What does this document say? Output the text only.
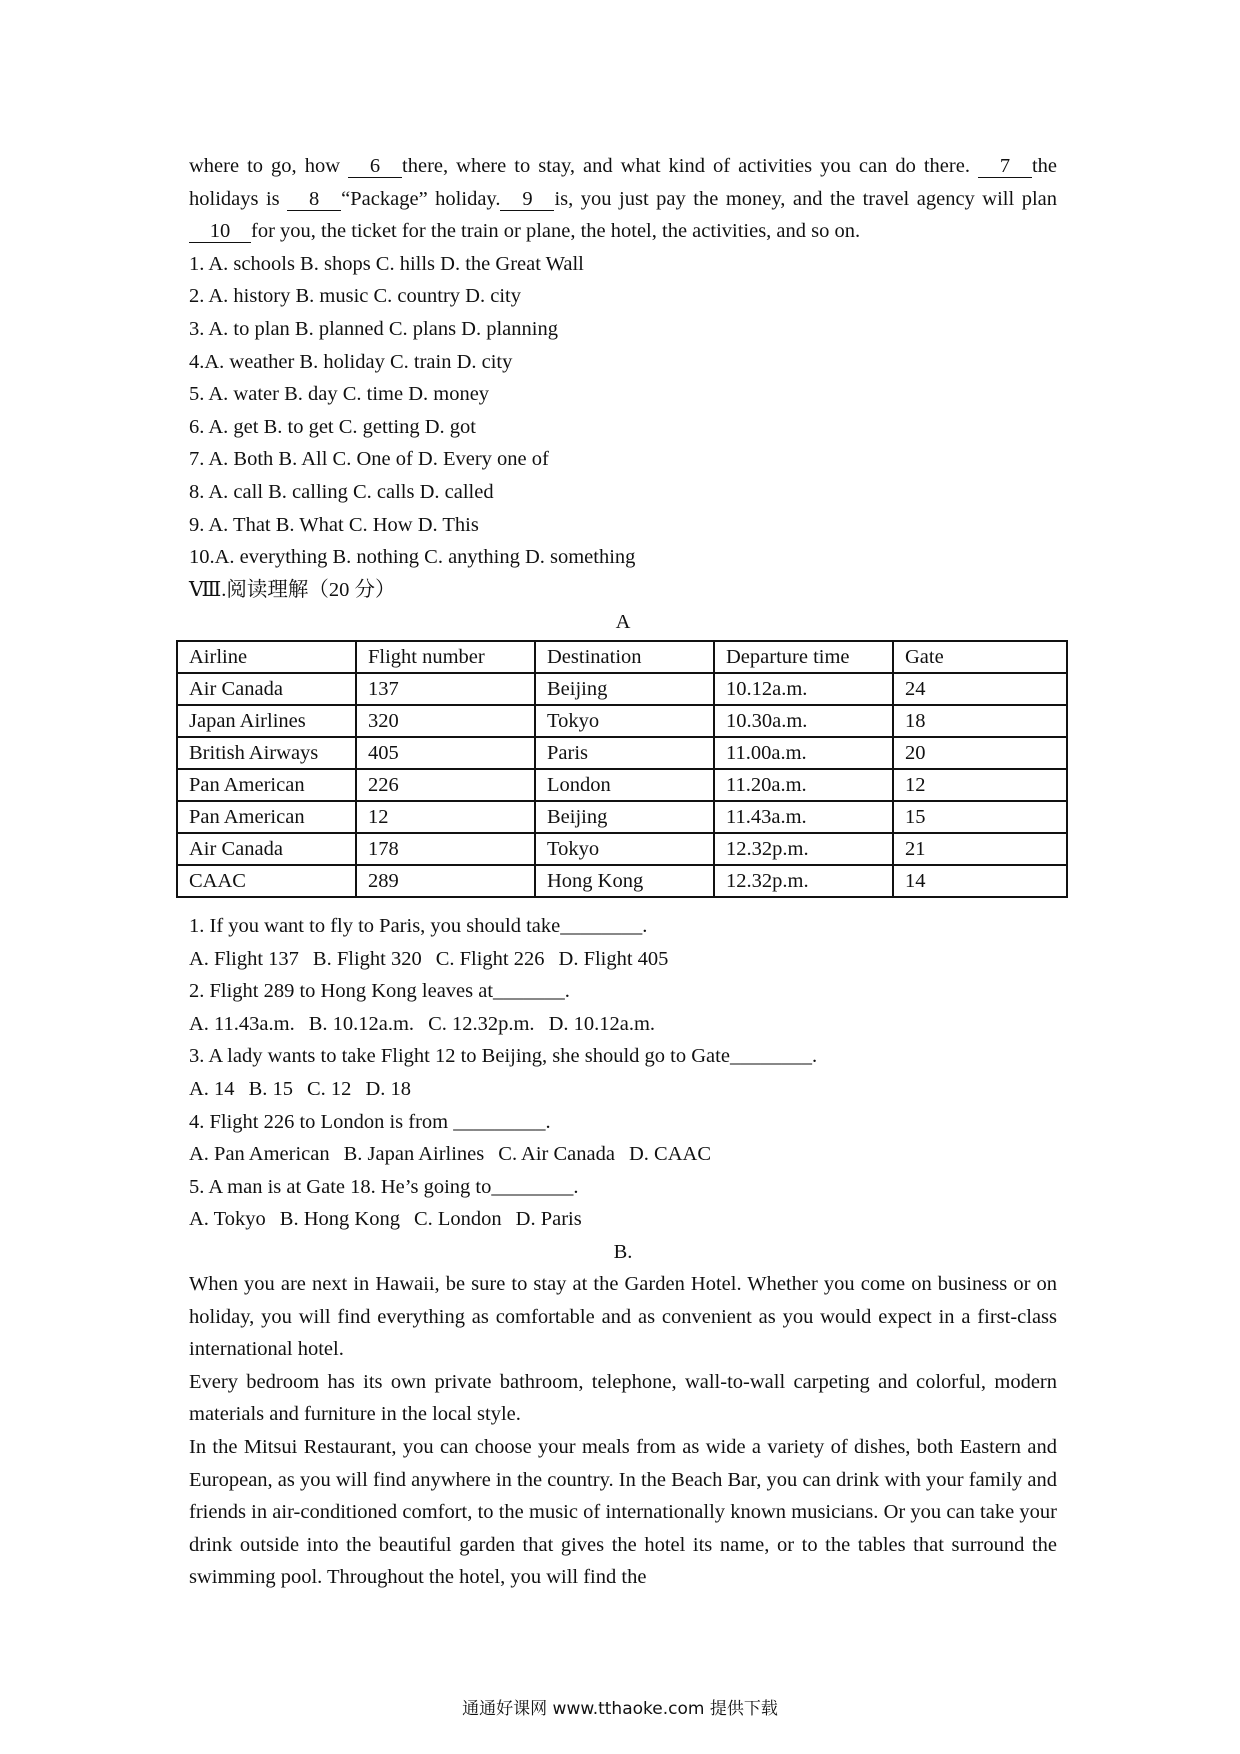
where to go, how 6 there, where to stay, and what kind of activities you can do there. 7 the holidays is 8 “Package” holiday. 9 is, you just pay the money, and the travel agency will plan10 for you, the ticket for the train or plane, the hotel, the activities, and so on.

1. A. schools B. shops C. hills D. the Great Wall

2. A. history B. music C. country D. city

3. A. to plan B. planned C. plans D. planning

4.A. weather B. holiday C. train D. city

5. A. water B. day C. time D. money

6. A. get B. to get C. getting D. got

7. A. Both B. All C. One of D. Every one of

8. A. call B. calling C. calls D. called

9. A. That B. What C. How D. This

10.A. everything B. nothing C. anything D. something

Ⅷ.阅读理解（20 分）

A

Airline	Flight number	Destination	Departure time	Gate
Air Canada	137	Beijing	10.12a.m.	24
Japan Airlines	320	Tokyo	10.30a.m.	18
British Airways	405	Paris	11.00a.m.	20
Pan American	226	London	11.20a.m.	12
Pan American	12	Beijing	11.43a.m.	15
Air Canada	178	Tokyo	12.32p.m.	21
CAAC	289	Hong Kong	12.32p.m.	14

1. If you want to fly to Paris, you should take________.

A. Flight 137 B. Flight 320 C. Flight 226 D. Flight 405

2. Flight 289 to Hong Kong leaves at_______.

A. 11.43a.m. B. 10.12a.m. C. 12.32p.m. D. 10.12a.m.

3. A lady wants to take Flight 12 to Beijing, she should go to Gate________.

A. 14 B. 15 C. 12 D. 18

4. Flight 226 to London is from _________.

A. Pan American B. Japan Airlines C. Air Canada D. CAAC

5. A man is at Gate 18. He’s going to________.

A. Tokyo B. Hong Kong C. London D. Paris

B.

When you are next in Hawaii, be sure to stay at the Garden Hotel. Whether you come on business or on holiday, you will find everything as comfortable and as convenient as you would expect in a first-class international hotel.

Every bedroom has its own private bathroom, telephone, wall-to-wall carpeting and colorful, modern materials and furniture in the local style.

In the Mitsui Restaurant, you can choose your meals from as wide a variety of dishes, both Eastern and European, as you will find anywhere in the country. In the Beach Bar, you can drink with your family and friends in air-conditioned comfort, to the music of internationally known musicians. Or you can take your drink outside into the beautiful garden that gives the hotel its name, or to the tables that surround the swimming pool. Throughout the hotel, you will find the

通通好课网 www.tthaoke.com 提供下载
